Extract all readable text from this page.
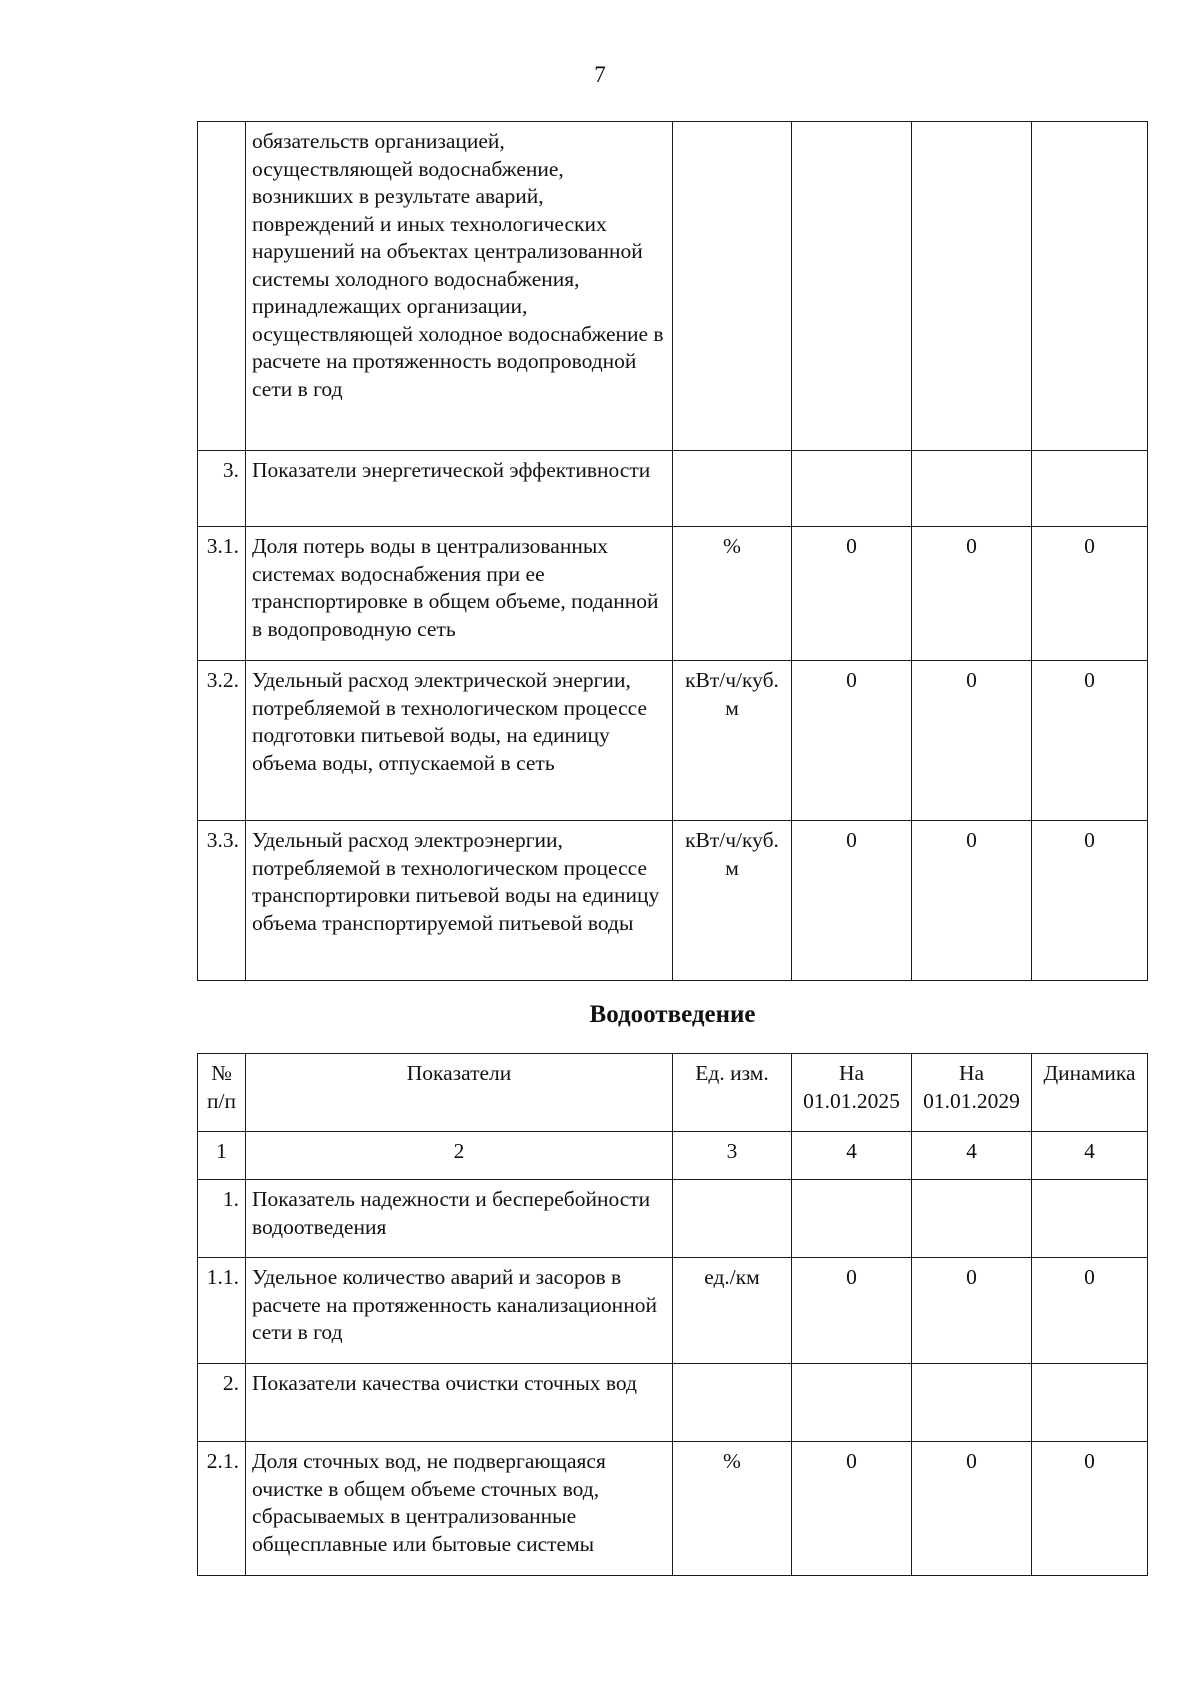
7
	обязательств организацией, осуществляющей водоснабжение, возникших в результате аварий, повреждений и иных технологических нарушений на объектах централизованной системы холодного водоснабжения, принадлежащих организации, осуществляющей холодное водоснабжение в расчете на протяженность водопроводной сети в год				
3.	Показатели энергетической эффективности				
3.1.	Доля потерь воды в централизованных системах водоснабжения при ее транспортировке в общем объеме, поданной в водопроводную сеть	%	0	0	0
3.2.	Удельный расход электрической энергии, потребляемой в технологическом процессе подготовки питьевой воды, на единицу объема воды, отпускаемой в сеть	кВт/ч/куб. м	0	0	0
3.3.	Удельный расход электроэнергии, потребляемой в технологическом процессе транспортировки питьевой воды на единицу объема транспортируемой питьевой воды	кВт/ч/куб. м	0	0	0
Водоотведение
№ п/п	Показатели	Ед. изм.	На 01.01.2025	На 01.01.2029	Динамика
1	2	3	4	4	4
1.	Показатель надежности и бесперебойности водоотведения				
1.1.	Удельное количество аварий и засоров в расчете на протяженность канализационной сети в год	ед./км	0	0	0
2.	Показатели качества очистки сточных вод				
2.1.	Доля сточных вод, не подвергающаяся очистке в общем объеме сточных вод, сбрасываемых в централизованные общесплавные или бытовые системы	%	0	0	0
